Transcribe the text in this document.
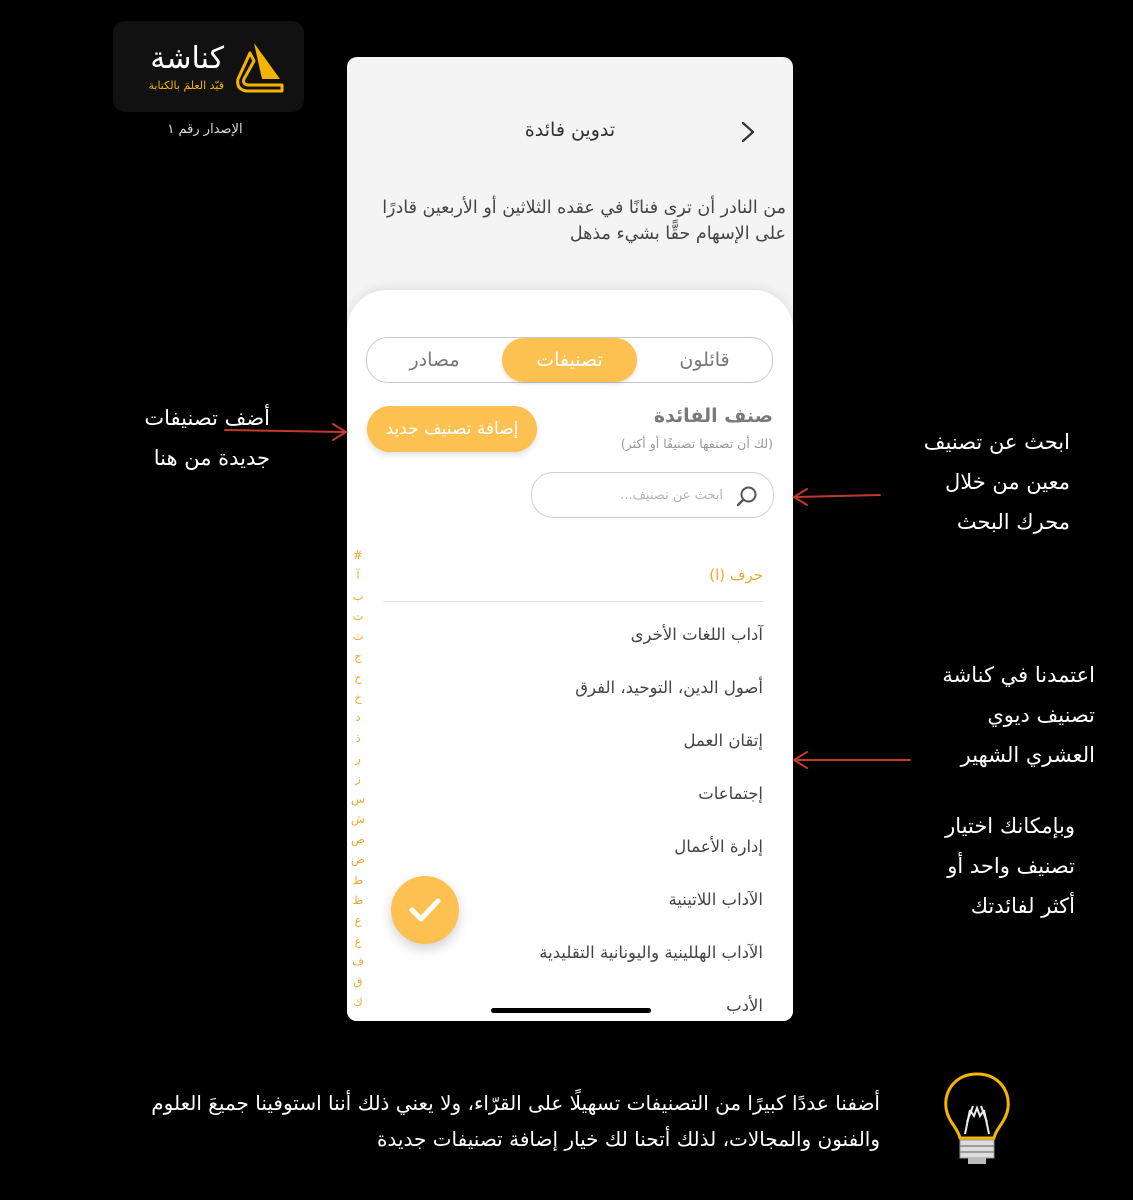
كناشة
قيّد العلمَ بالكتابة
الإصدار رقم ١	تدوين فائدة
من النادر أن ترى فنانًا في عقده الثلاثين أو الأربعين قادرًا على الإسهام حقًّا بشيء مذهل
قائلون
تصنيفات
مصادر
صنف الفائدة
(لك أن تصنفها تصنيفًا أو أكثر)
إضافة تصنيف جديد
ابحث عن تصنيف...
حرف (ا)
آداب اللغات الأخرى
أصول الدين، التوحيد، الفرق
إتقان العمل
إجتماعات
إدارة الأعمال
الآداب اللاتينية
الآداب الهللينية واليونانية التقليدية
الأدب
#
آ
ب
ت
ث
ج
ح
خ
د
ذ
ر
ز
س
ش
ص
ض
ط
ظ
ع
غ
ف
ق
ك
أضف تصنيفات جديدة من هنا
ابحث عن تصنيف معين من خلال محرك البحث
اعتمدنا في كناشة تصنيف ديوي العشري الشهير
وبإمكانك اختيار تصنيف واحد أو أكثر لفائدتك
أضفنا عددًا كبيرًا من التصنيفات تسهيلًا على القرّاء، ولا يعني ذلك أننا استوفينا جميعَ العلوم والفنون والمجالات، لذلك أتحنا لك خيار إضافة تصنيفات جديدة
